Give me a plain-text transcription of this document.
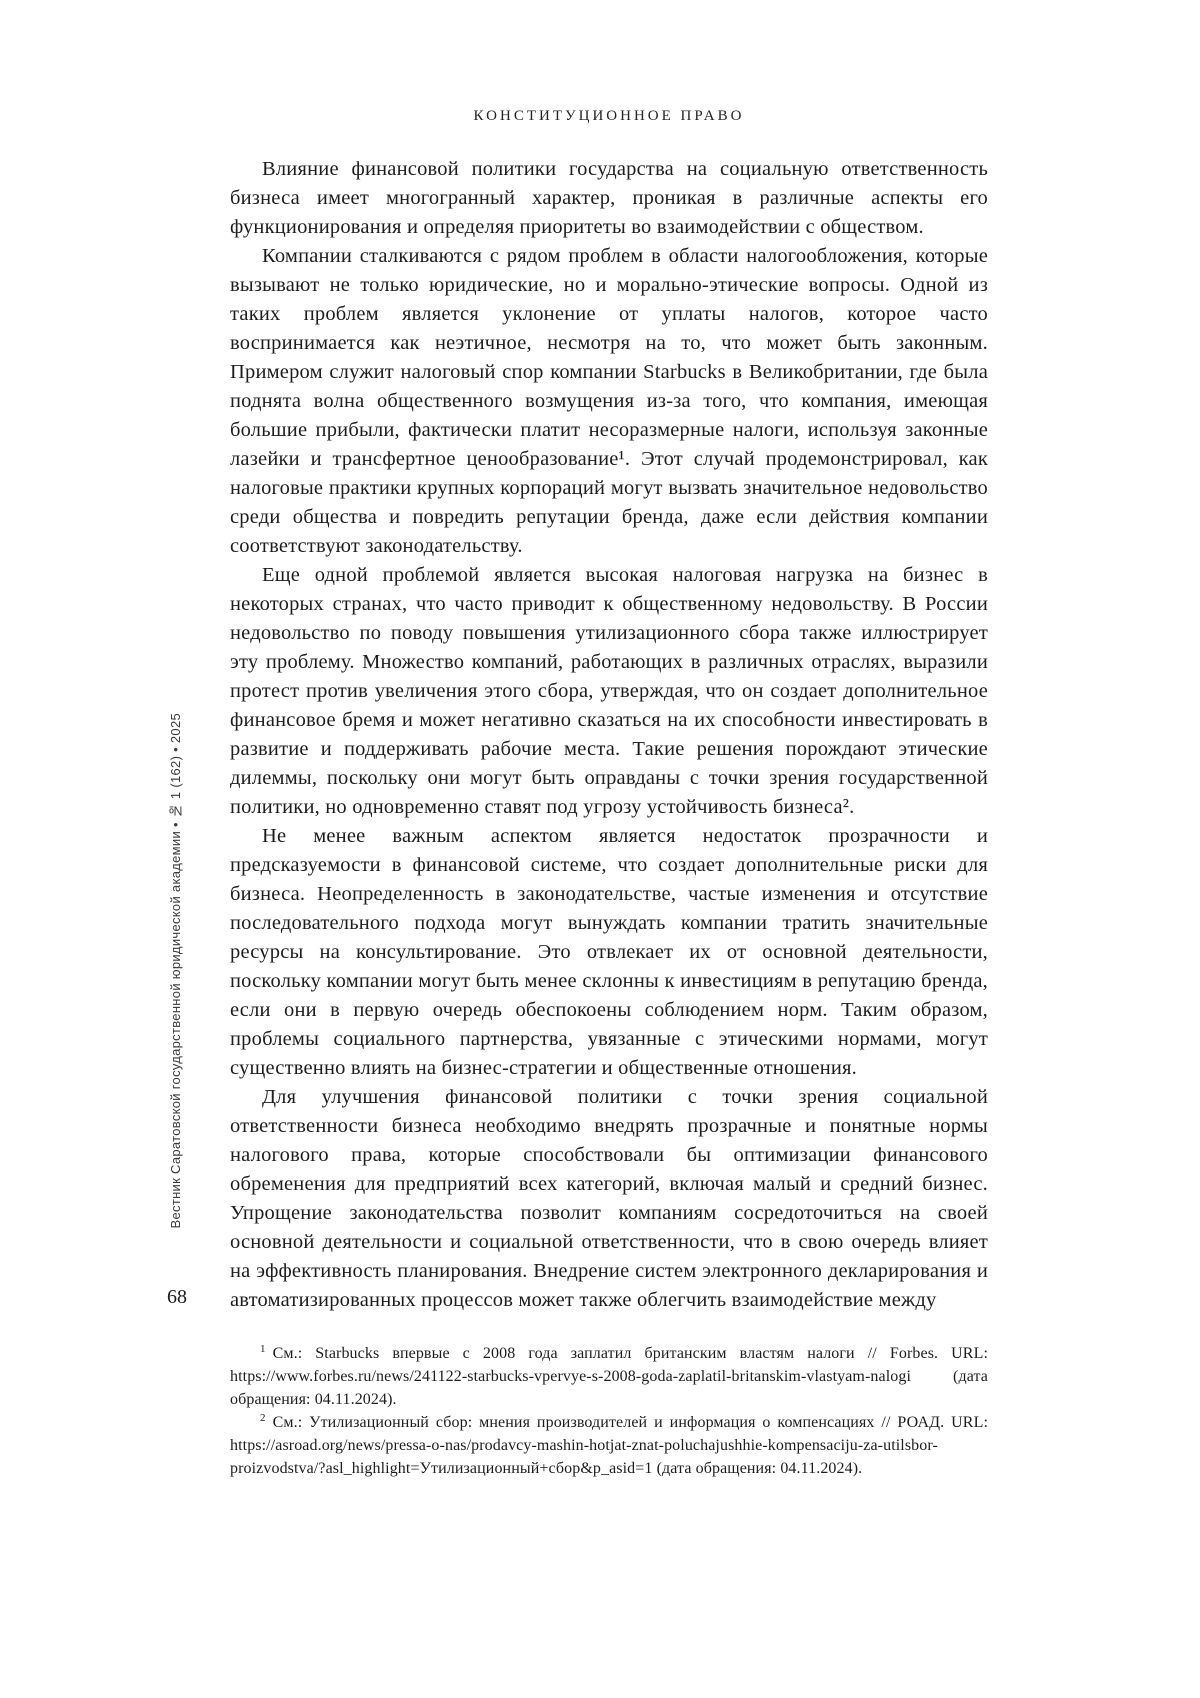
КОНСТИТУЦИОННОЕ ПРАВО
Вестник Саратовской государственной юридической академии • № 1 (162) • 2025
68

Влияние финансовой политики государства на социальную ответственность бизнеса имеет многогранный характер, проникая в различные аспекты его функционирования и определяя приоритеты во взаимодействии с обществом.

Компании сталкиваются с рядом проблем в области налогообложения, которые вызывают не только юридические, но и морально-этические вопросы. Одной из таких проблем является уклонение от уплаты налогов, которое часто воспринимается как неэтичное, несмотря на то, что может быть законным. Примером служит налоговый спор компании Starbucks в Великобритании, где была поднята волна общественного возмущения из-за того, что компания, имеющая большие прибыли, фактически платит несоразмерные налоги, используя законные лазейки и трансфертное ценообразование¹. Этот случай продемонстрировал, как налоговые практики крупных корпораций могут вызвать значительное недовольство среди общества и повредить репутации бренда, даже если действия компании соответствуют законодательству.

Еще одной проблемой является высокая налоговая нагрузка на бизнес в некоторых странах, что часто приводит к общественному недовольству. В России недовольство по поводу повышения утилизационного сбора также иллюстрирует эту проблему. Множество компаний, работающих в различных отраслях, выразили протест против увеличения этого сбора, утверждая, что он создает дополнительное финансовое бремя и может негативно сказаться на их способности инвестировать в развитие и поддерживать рабочие места. Такие решения порождают этические дилеммы, поскольку они могут быть оправданы с точки зрения государственной политики, но одновременно ставят под угрозу устойчивость бизнеса².

Не менее важным аспектом является недостаток прозрачности и предсказуемости в финансовой системе, что создает дополнительные риски для бизнеса. Неопределенность в законодательстве, частые изменения и отсутствие последовательного подхода могут вынуждать компании тратить значительные ресурсы на консультирование. Это отвлекает их от основной деятельности, поскольку компании могут быть менее склонны к инвестициям в репутацию бренда, если они в первую очередь обеспокоены соблюдением норм. Таким образом, проблемы социального партнерства, увязанные с этическими нормами, могут существенно влиять на бизнес-стратегии и общественные отношения.

Для улучшения финансовой политики с точки зрения социальной ответственности бизнеса необходимо внедрять прозрачные и понятные нормы налогового права, которые способствовали бы оптимизации финансового обременения для предприятий всех категорий, включая малый и средний бизнес. Упрощение законодательства позволит компаниям сосредоточиться на своей основной деятельности и социальной ответственности, что в свою очередь влияет на эффективность планирования. Внедрение систем электронного декларирования и автоматизированных процессов может также облегчить взаимодействие между

$^1$ См.: Starbucks впервые с 2008 года заплатил британским властям налоги // Forbes. URL: https://www.forbes.ru/news/241122-starbucks-vpervye-s-2008-goda-zaplatil-britanskim-vlastyam-nalogi (дата обращения: 04.11.2024).

$^2$ См.: Утилизационный сбор: мнения производителей и информация о компенсациях // РОАД. URL: https://asroad.org/news/pressa-o-nas/prodavcy-mashin-hotjat-znat-poluchajushhie-kompensaciju-za-utilsbor-proizvodstva/?asl_highlight=Утилизационный+сбор&p_asid=1 (дата обращения: 04.11.2024).
